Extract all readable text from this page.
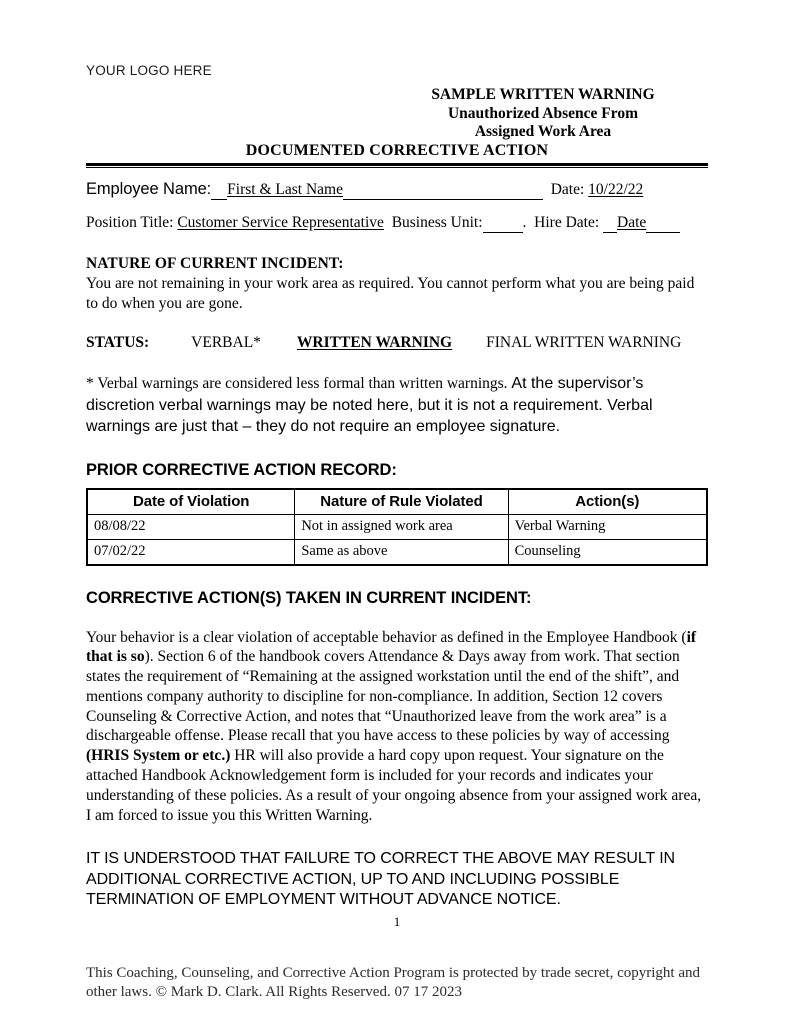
YOUR LOGO HERE
SAMPLE WRITTEN WARNING
Unauthorized Absence From
Assigned Work Area
DOCUMENTED CORRECTIVE ACTION
Employee Name: First & Last Name	Date: 10/22/22
Position Title: Customer Service Representative Business Unit:	. Hire Date: Date
NATURE OF CURRENT INCIDENT:
You are not remaining in your work area as required. You cannot perform what you are being paid to do when you are gone.
STATUS:	VERBAL* WRITTEN WARNING FINAL WRITTEN WARNING
* Verbal warnings are considered less formal than written warnings. At the supervisor’s discretion verbal warnings may be noted here, but it is not a requirement. Verbal warnings are just that – they do not require an employee signature.
PRIOR CORRECTIVE ACTION RECORD:
Date of Violation	Nature of Rule Violated	Action(s)
08/08/22	Not in assigned work area	Verbal Warning
07/02/22	Same as above	Counseling
CORRECTIVE ACTION(S) TAKEN IN CURRENT INCIDENT:
Your behavior is a clear violation of acceptable behavior as defined in the Employee Handbook (if that is so). Section 6 of the handbook covers Attendance & Days away from work. That section states the requirement of “Remaining at the assigned workstation until the end of the shift”, and mentions company authority to discipline for non-compliance. In addition, Section 12 covers Counseling & Corrective Action, and notes that “Unauthorized leave from the work area” is a dischargeable offense. Please recall that you have access to these policies by way of accessing (HRIS System or etc.) HR will also provide a hard copy upon request. Your signature on the attached Handbook Acknowledgement form is included for your records and indicates your understanding of these policies. As a result of your ongoing absence from your assigned work area, I am forced to issue you this Written Warning.
IT IS UNDERSTOOD THAT FAILURE TO CORRECT THE ABOVE MAY RESULT IN ADDITIONAL CORRECTIVE ACTION, UP TO AND INCLUDING POSSIBLE TERMINATION OF EMPLOYMENT WITHOUT ADVANCE NOTICE.
1
This Coaching, Counseling, and Corrective Action Program is protected by trade secret, copyright and other laws. © Mark D. Clark. All Rights Reserved. 07 17 2023
